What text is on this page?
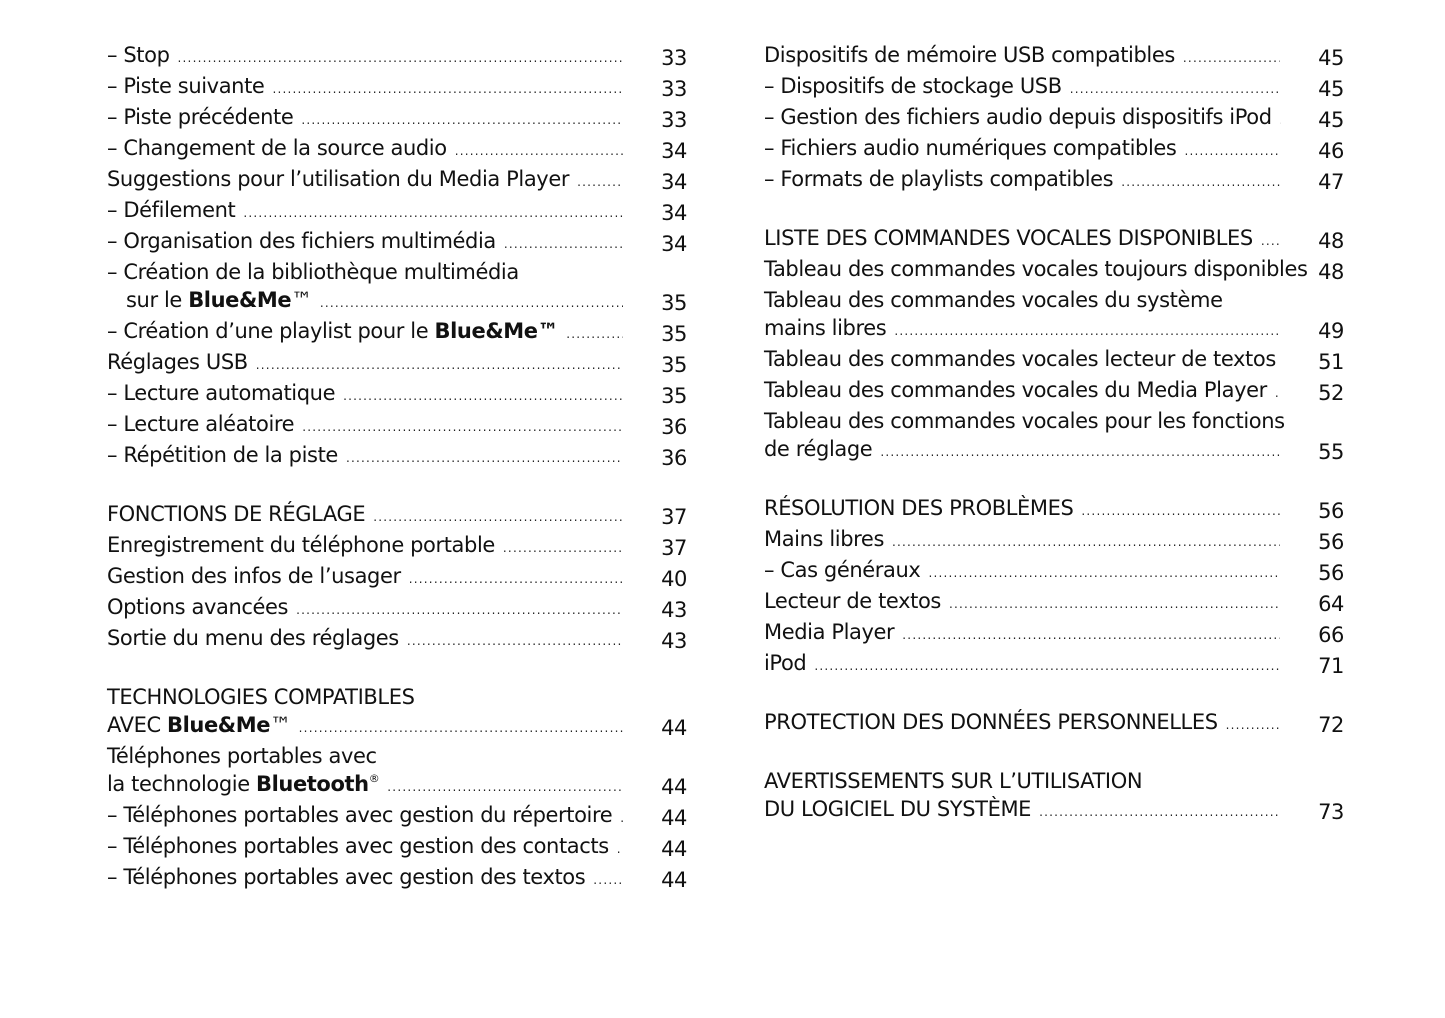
– Stop .....	33
– Piste suivante .....	33
– Piste précédente .....	33
– Changement de la source audio .....	34
Suggestions pour l’utilisation du Media Player .....	34
– Défilement .....	34
– Organisation des fichiers multimédia .....	34
– Création de la bibliothèque multimédia
sur le Blue&Me™ .....	35
– Création d’une playlist pour le Blue&Me™ .....	35
Réglages USB .....	35
– Lecture automatique .....	35
– Lecture aléatoire .....	36
– Répétition de la piste .....	36
FONCTIONS DE RÉGLAGE .....	37
Enregistrement du téléphone portable .....	37
Gestion des infos de l’usager .....	40
Options avancées .....	43
Sortie du menu des réglages .....	43
TECHNOLOGIES COMPATIBLES
AVEC Blue&Me™ .....	44
Téléphones portables avec
la technologie Bluetooth® .....	44
– Téléphones portables avec gestion du répertoire .....	44
– Téléphones portables avec gestion des contacts .....	44
– Téléphones portables avec gestion des textos .....	44
Dispositifs de mémoire USB compatibles .....	45
– Dispositifs de stockage USB .....	45
– Gestion des fichiers audio depuis dispositifs iPod .....	45
– Fichiers audio numériques compatibles .....	46
– Formats de playlists compatibles .....	47
LISTE DES COMMANDES VOCALES DISPONIBLES .....	48
Tableau des commandes vocales toujours disponibles 48
Tableau des commandes vocales du système
mains libres .....	49
Tableau des commandes vocales lecteur de textos	51
Tableau des commandes vocales du Media Player .....	52
Tableau des commandes vocales pour les fonctions
de réglage .....	55
RÉSOLUTION DES PROBLÈMES .....	56
Mains libres .....	56
– Cas généraux .....	56
Lecteur de textos .....	64
Media Player .....	66
iPod .....	71
PROTECTION DES DONNÉES PERSONNELLES .....	72
AVERTISSEMENTS SUR L’UTILISATION
DU LOGICIEL DU SYSTÈME .....	73
